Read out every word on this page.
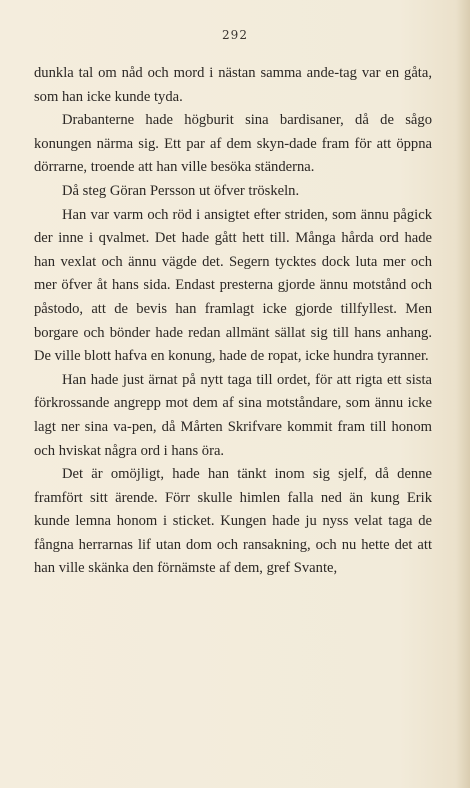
292

dunkla tal om nåd och mord i nästan samma ande-tag var en gåta, som han icke kunde tyda.

Drabanterne hade högburit sina bardisaner, då de sågo konungen närma sig. Ett par af dem skyn-dade fram för att öppna dörrarne, troende att han ville besöka ständerna.

Då steg Göran Persson ut öfver tröskeln.

Han var varm och röd i ansigtet efter striden, som ännu pågick der inne i qvalmet. Det hade gått hett till. Många hårda ord hade han vexlat och ännu vägde det. Segern tycktes dock luta mer och mer öfver åt hans sida. Endast presterna gjorde ännu motstånd och påstodo, att de bevis han framlagt icke gjorde tillfyllest. Men borgare och bönder hade redan allmänt sällat sig till hans anhang. De ville blott hafva en konung, hade de ropat, icke hundra tyranner.

Han hade just ärnat på nytt taga till ordet, för att rigta ett sista förkrossande angrepp mot dem af sina motståndare, som ännu icke lagt ner sina va-pen, då Mårten Skrifvare kommit fram till honom och hviskat några ord i hans öra.

Det är omöjligt, hade han tänkt inom sig sjelf, då denne framfört sitt ärende. Förr skulle himlen falla ned än kung Erik kunde lemna honom i sticket. Kungen hade ju nyss velat taga de fångna herrarnas lif utan dom och ransakning, och nu hette det att han ville skänka den förnämste af dem, gref Svante,
